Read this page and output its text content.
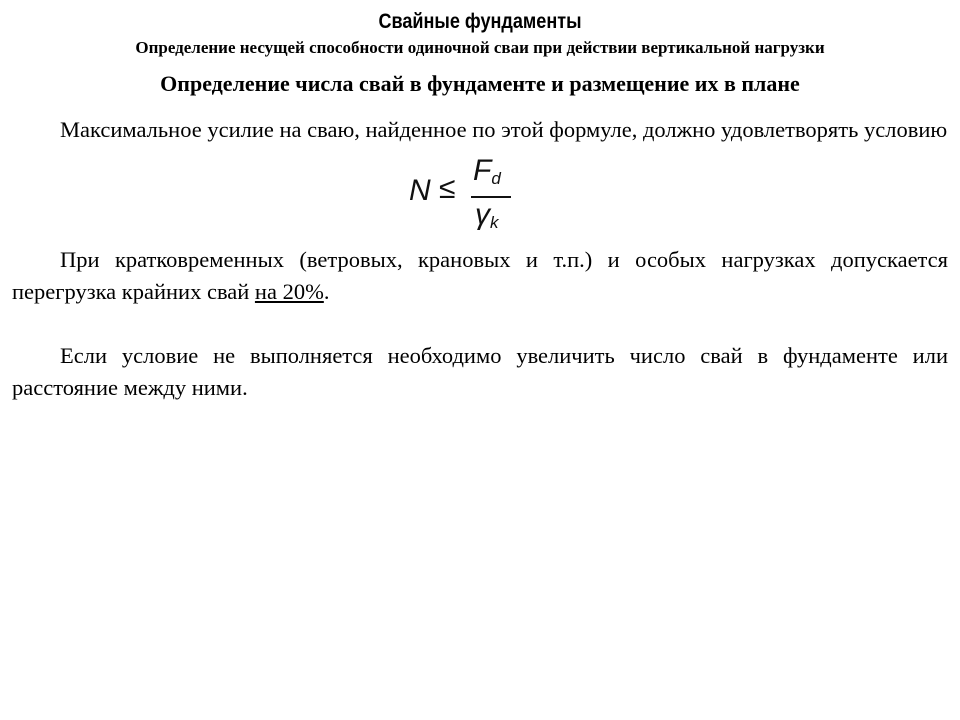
Свайные фундаменты
Определение несущей способности одиночной сваи при действии вертикальной нагрузки
Определение числа свай в фундаменте и размещение их в плане
Максимальное усилие на сваю, найденное по этой формуле, должно удовлетворять условию
N ≤
$F_d$
$\gamma_k$
При кратковременных (ветровых, крановых и т.п.) и особых нагрузках допускается перегрузка крайних свай на 20%.
Если условие не выполняется необходимо увеличить число свай в фундаменте или расстояние между ними.
